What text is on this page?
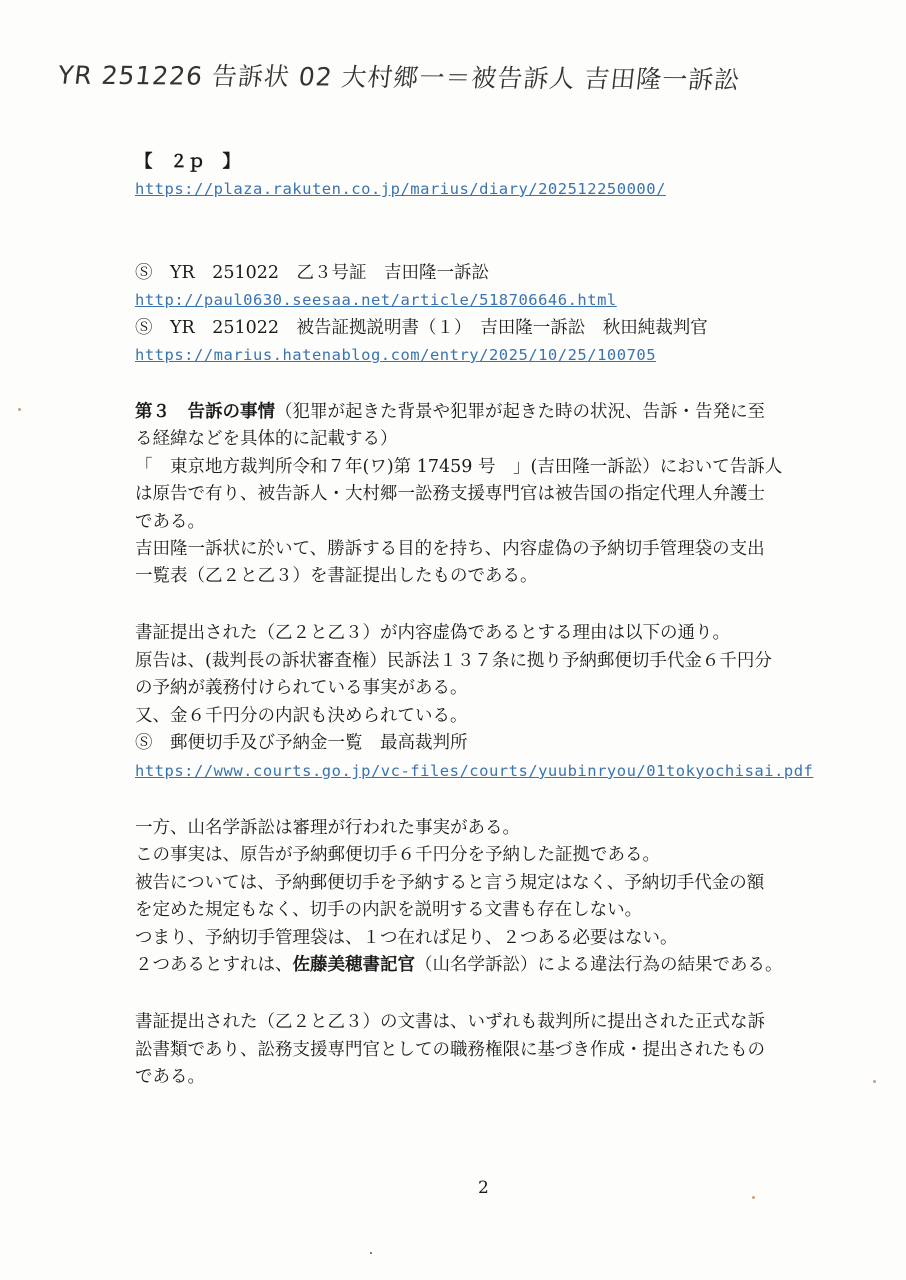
YR 251226 告訴状 02 大村郷一＝被告訴人 吉田隆一訴訟
【　２ｐ　】
https://plaza.rakuten.co.jp/marius/diary/202512250000/
Ⓢ　YR　251022　乙３号証　吉田隆一訴訟
http://paul0630.seesaa.net/article/518706646.html
Ⓢ　YR　251022　被告証拠説明書（１）　吉田隆一訴訟　秋田純裁判官
https://marius.hatenablog.com/entry/2025/10/25/100705
第３　告訴の事情（犯罪が起きた背景や犯罪が起きた時の状況、告訴・告発に至
る経緯などを具体的に記載する）
「　東京地方裁判所令和７年(ワ)第 17459 号　」(吉田隆一訴訟）において告訴人
は原告で有り、被告訴人・大村郷一訟務支援専門官は被告国の指定代理人弁護士
である。
吉田隆一訴状に於いて、勝訴する目的を持ち、内容虚偽の予納切手管理袋の支出
一覧表（乙２と乙３）を書証提出したものである。
書証提出された（乙２と乙３）が内容虚偽であるとする理由は以下の通り。
原告は、(裁判長の訴状審査権）民訴法１３７条に拠り予納郵便切手代金６千円分
の予納が義務付けられている事実がある。
又、金６千円分の内訳も決められている。
Ⓢ　郵便切手及び予納金一覧　最高裁判所
https://www.courts.go.jp/vc-files/courts/yuubinryou/01tokyochisai.pdf
一方、山名学訴訟は審理が行われた事実がある。
この事実は、原告が予納郵便切手６千円分を予納した証拠である。
被告については、予納郵便切手を予納すると言う規定はなく、予納切手代金の額
を定めた規定もなく、切手の内訳を説明する文書も存在しない。
つまり、予納切手管理袋は、１つ在れば足り、２つある必要はない。
２つあるとすれは、佐藤美穂書記官（山名学訴訟）による違法行為の結果である。
書証提出された（乙２と乙３）の文書は、いずれも裁判所に提出された正式な訴
訟書類であり、訟務支援専門官としての職務権限に基づき作成・提出されたもの
である。
2
